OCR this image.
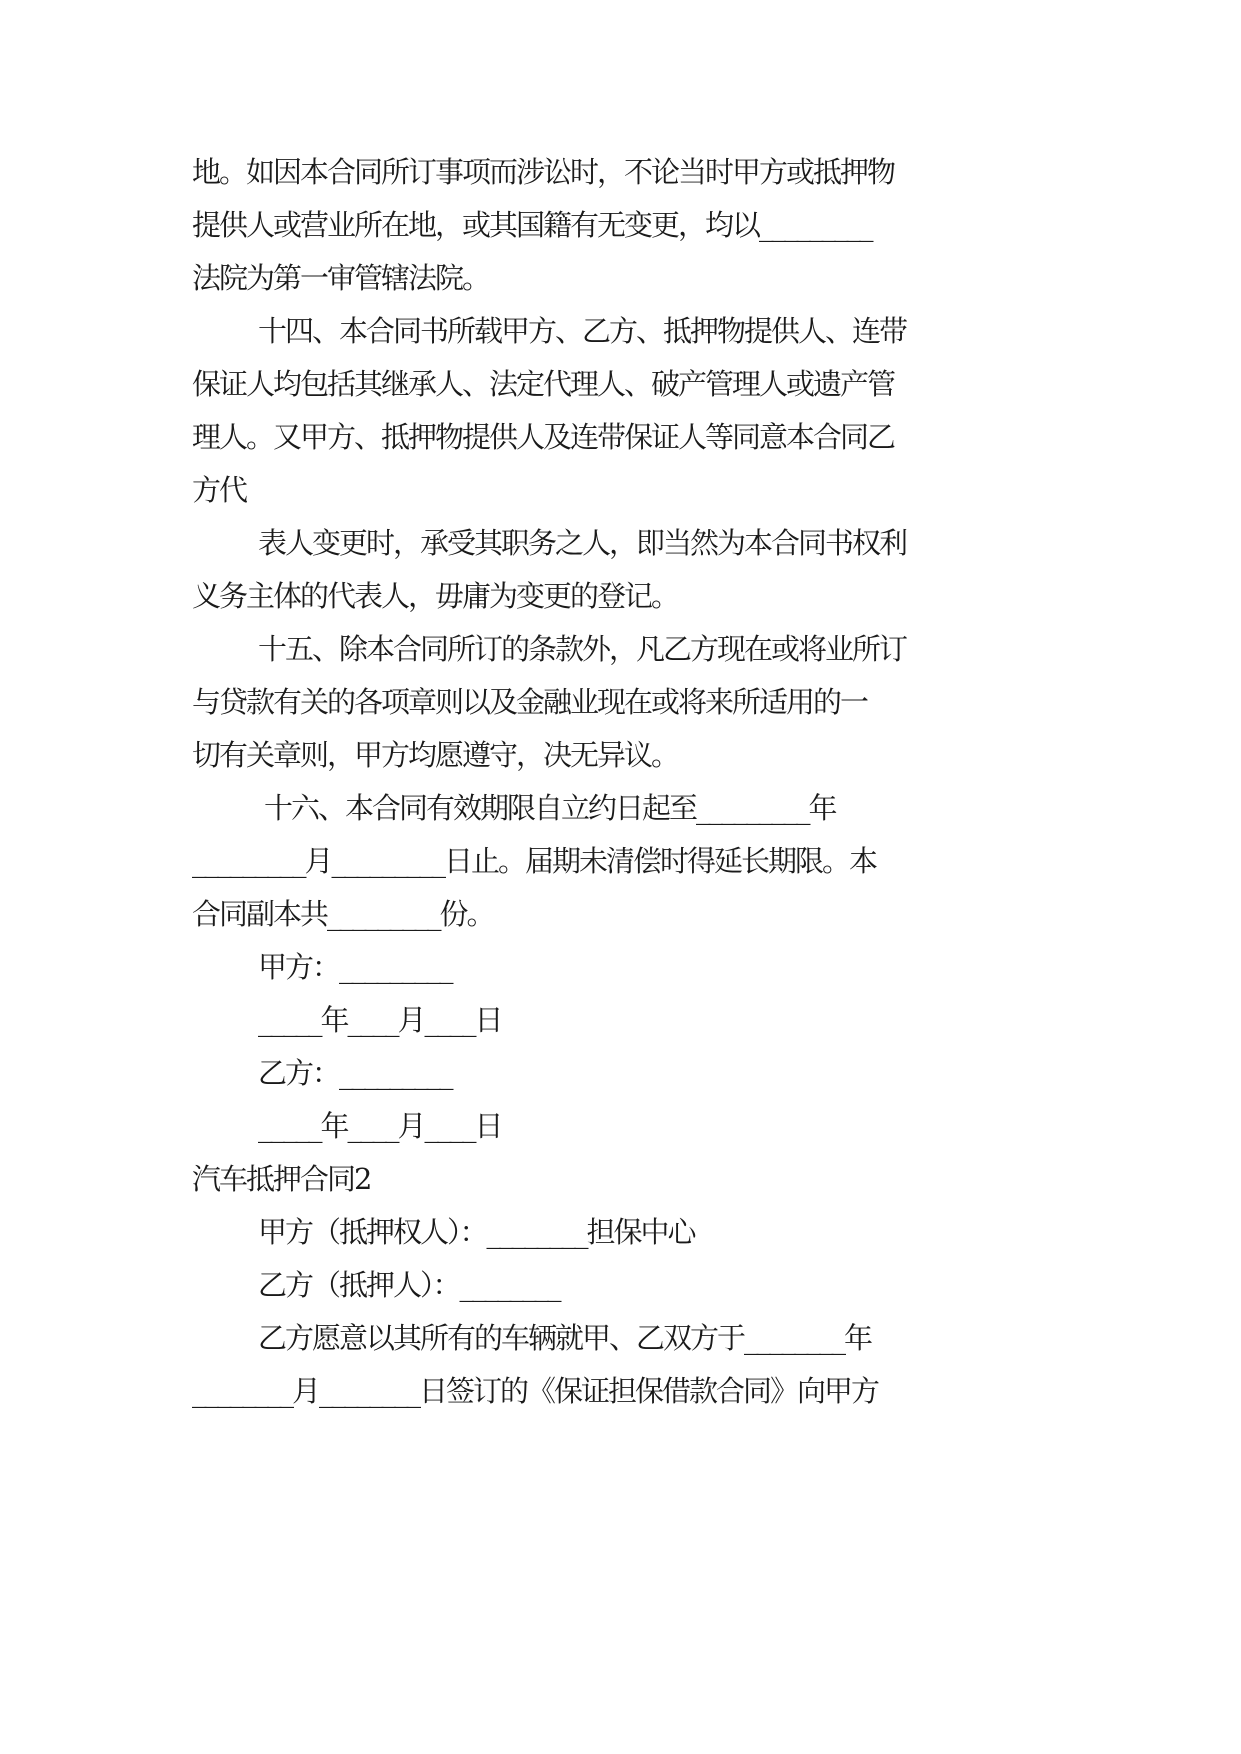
地。如因本合同所订事项而涉讼时，不论当时甲方或抵押物
提供人或营业所在地，或其国籍有无变更，均以_________
法院为第一审管辖法院。
十四、本合同书所载甲方、乙方、抵押物提供人、连带
保证人均包括其继承人、法定代理人、破产管理人或遗产管
理人。又甲方、抵押物提供人及连带保证人等同意本合同乙
方代
表人变更时，承受其职务之人，即当然为本合同书权利
义务主体的代表人，毋庸为变更的登记。
十五、除本合同所订的条款外，凡乙方现在或将业所订
与贷款有关的各项章则以及金融业现在或将来所适用的一
切有关章则，甲方均愿遵守，决无异议。
十六、本合同有效期限自立约日起至_________年
_________月_________日止。届期未清偿时得延长期限。本
合同副本共_________份。
甲方：_________
_____年____月____日
乙方：_________
_____年____月____日
汽车抵押合同2
甲方（抵押权人）：________担保中心
乙方（抵押人）：________
乙方愿意以其所有的车辆就甲、乙双方于________年
________月________日签订的《保证担保借款合同》向甲方
